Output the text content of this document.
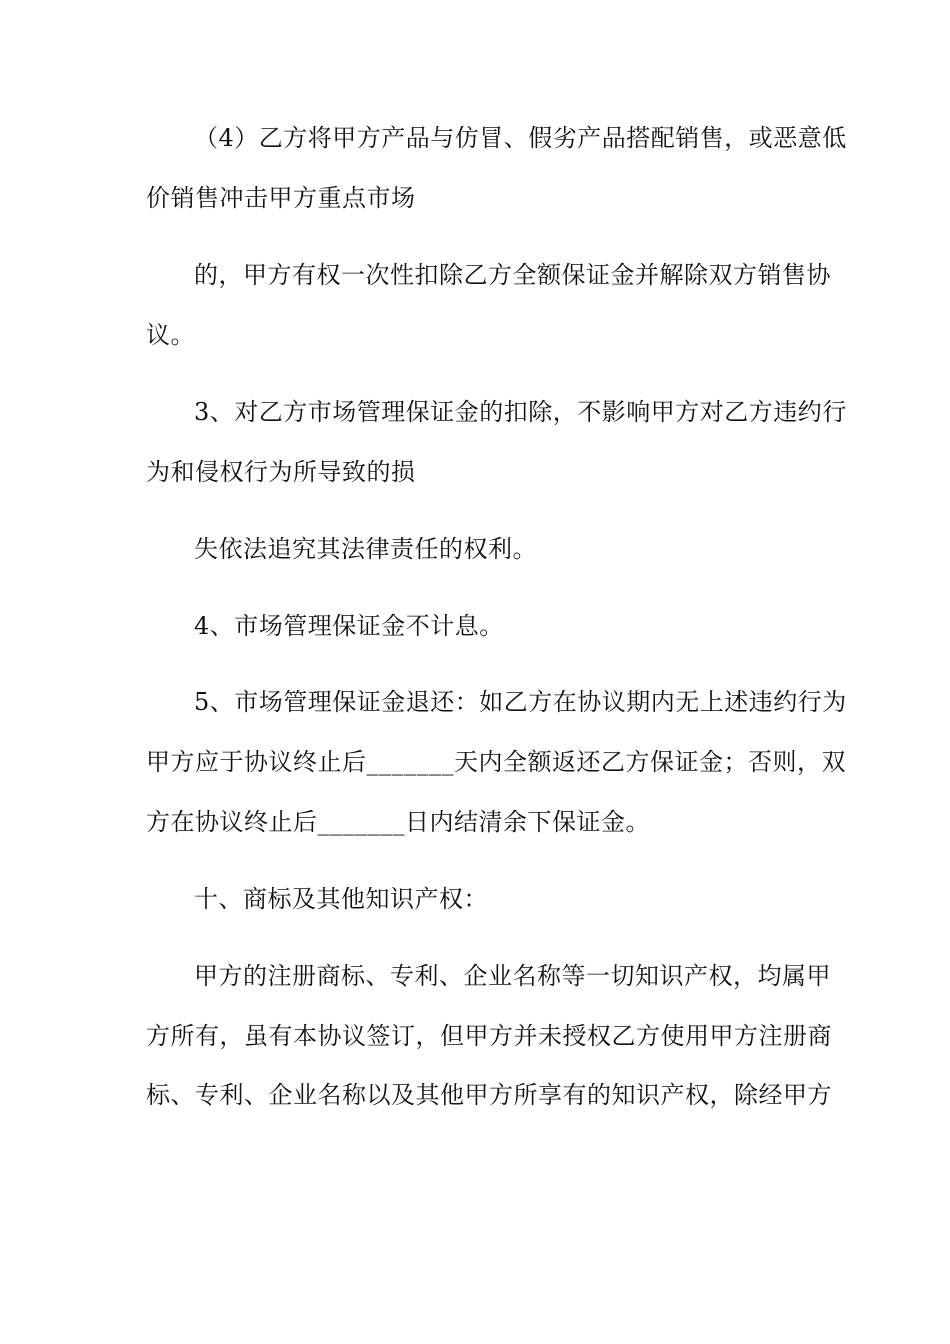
（4）乙方将甲方产品与仿冒、假劣产品搭配销售，或恶意低
价销售冲击甲方重点市场
的，甲方有权一次性扣除乙方全额保证金并解除双方销售协
议。
3、对乙方市场管理保证金的扣除，不影响甲方对乙方违约行
为和侵权行为所导致的损
失依法追究其法律责任的权利。
4、市场管理保证金不计息。
5、市场管理保证金退还：如乙方在协议期内无上述违约行为
甲方应于协议终止后_______天内全额返还乙方保证金；否则，双
方在协议终止后_______日内结清余下保证金。
十、商标及其他知识产权：
甲方的注册商标、专利、企业名称等一切知识产权，均属甲
方所有，虽有本协议签订，但甲方并未授权乙方使用甲方注册商
标、专利、企业名称以及其他甲方所享有的知识产权，除经甲方
